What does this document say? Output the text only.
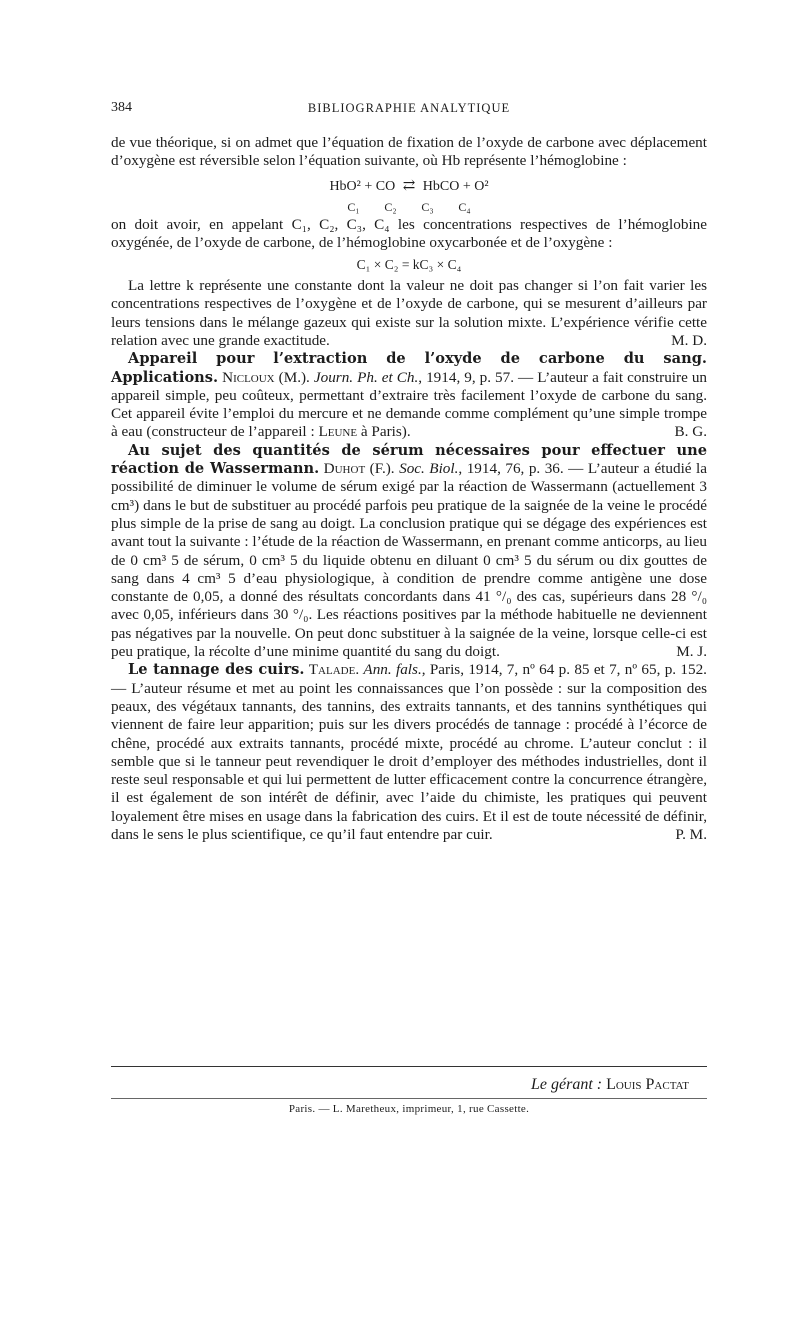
384	BIBLIOGRAPHIE ANALYTIQUE

de vue théorique, si on admet que l’équation de fixation de l’oxyde de carbone avec déplacement d’oxygène est réversible selon l’équation suivante, où Hb représente l’hémoglobine :

HbO² + CO ⇄ HbCO + O²
C₁ C₂ C₃ C₄

on doit avoir, en appelant C₁, C₂, C₃, C₄ les concentrations respectives de l’hémoglobine oxygénée, de l’oxyde de carbone, de l’hémoglobine oxycarbonée et de l’oxygène :

C₁ × C₂ = kC₃ × C₄

La lettre k représente une constante dont la valeur ne doit pas changer si l’on fait varier les concentrations respectives de l’oxygène et de l’oxyde de carbone, qui se mesurent d’ailleurs par leurs tensions dans le mélange gazeux qui existe sur la solution mixte. L’expérience vérifie cette relation avec une grande exactitude.	M. D.

Appareil pour l’extraction de l’oxyde de carbone du sang. Applications. Nicloux (M.). Journ. Ph. et Ch., 1914, 9, p. 57. — L’auteur a fait construire un appareil simple, peu coûteux, permettant d’extraire très facilement l’oxyde de carbone du sang. Cet appareil évite l’emploi du mercure et ne demande comme complément qu’une simple trompe à eau (constructeur de l’appareil : Leune à Paris).	B. G.

Au sujet des quantités de sérum nécessaires pour effectuer une réaction de Wassermann. Duhot (F.). Soc. Biol., 1914, 76, p. 36. — L’auteur a étudié la possibilité de diminuer le volume de sérum exigé par la réaction de Wassermann (actuellement 3 cm³) dans le but de substituer au procédé parfois peu pratique de la saignée de la veine le procédé plus simple de la prise de sang au doigt. La conclusion pratique qui se dégage des expériences est avant tout la suivante : l’étude de la réaction de Wassermann, en prenant comme anticorps, au lieu de 0 cm³ 5 de sérum, 0 cm³ 5 du liquide obtenu en diluant 0 cm³ 5 du sérum ou dix gouttes de sang dans 4 cm³ 5 d’eau physiologique, à condition de prendre comme antigène une dose constante de 0,05, a donné des résultats concordants dans 41 °/₀ des cas, supérieurs dans 28 °/₀ avec 0,05, inférieurs dans 30 °/₀. Les réactions positives par la méthode habituelle ne deviennent pas négatives par la nouvelle. On peut donc substituer à la saignée de la veine, lorsque celle-ci est peu pratique, la récolte d’une minime quantité du sang du doigt.	M. J.

Le tannage des cuirs. Talade. Ann. fals., Paris, 1914, 7, nº 64 p. 85 et 7, nº 65, p. 152. — L’auteur résume et met au point les connaissances que l’on possède : sur la composition des peaux, des végétaux tannants, des tannins, des extraits tannants, et des tannins synthétiques qui viennent de faire leur apparition; puis sur les divers procédés de tannage : procédé à l’écorce de chêne, procédé aux extraits tannants, procédé mixte, procédé au chrome. L’auteur conclut : il semble que si le tanneur peut revendiquer le droit d’employer des méthodes industrielles, dont il reste seul responsable et qui lui permettent de lutter efficacement contre la concurrence étrangère, il est également de son intérêt de définir, avec l’aide du chimiste, les pratiques qui peuvent loyalement être mises en usage dans la fabrication des cuirs. Et il est de toute nécessité de définir, dans le sens le plus scientifique, ce qu’il faut entendre par cuir.	P. M.

Le gérant : Louis Pactat
Paris. — L. Maretheux, imprimeur, 1, rue Cassette.
